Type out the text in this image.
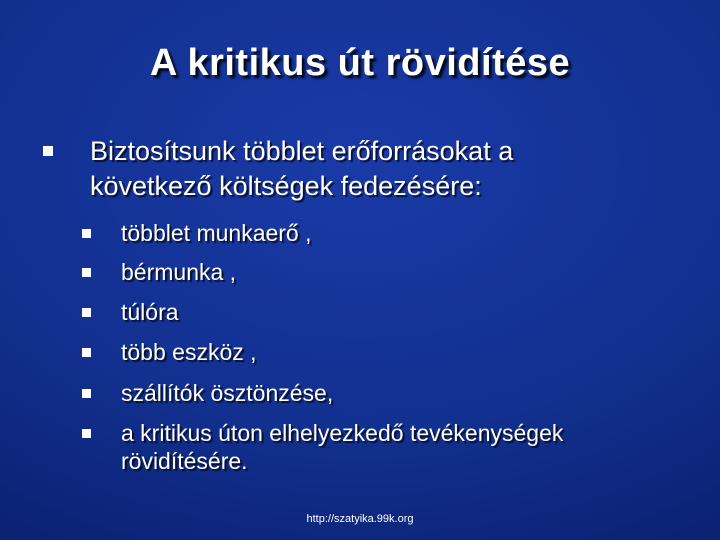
A kritikus út rövidítése
Biztosítsunk többlet erőforrásokat a
következő költségek fedezésére:
többlet munkaerő ,
bérmunka ,
túlóra
több eszköz ,
szállítók ösztönzése,
a kritikus úton elhelyezkedő tevékenységek
rövidítésére.
http://szatyika.99k.org
